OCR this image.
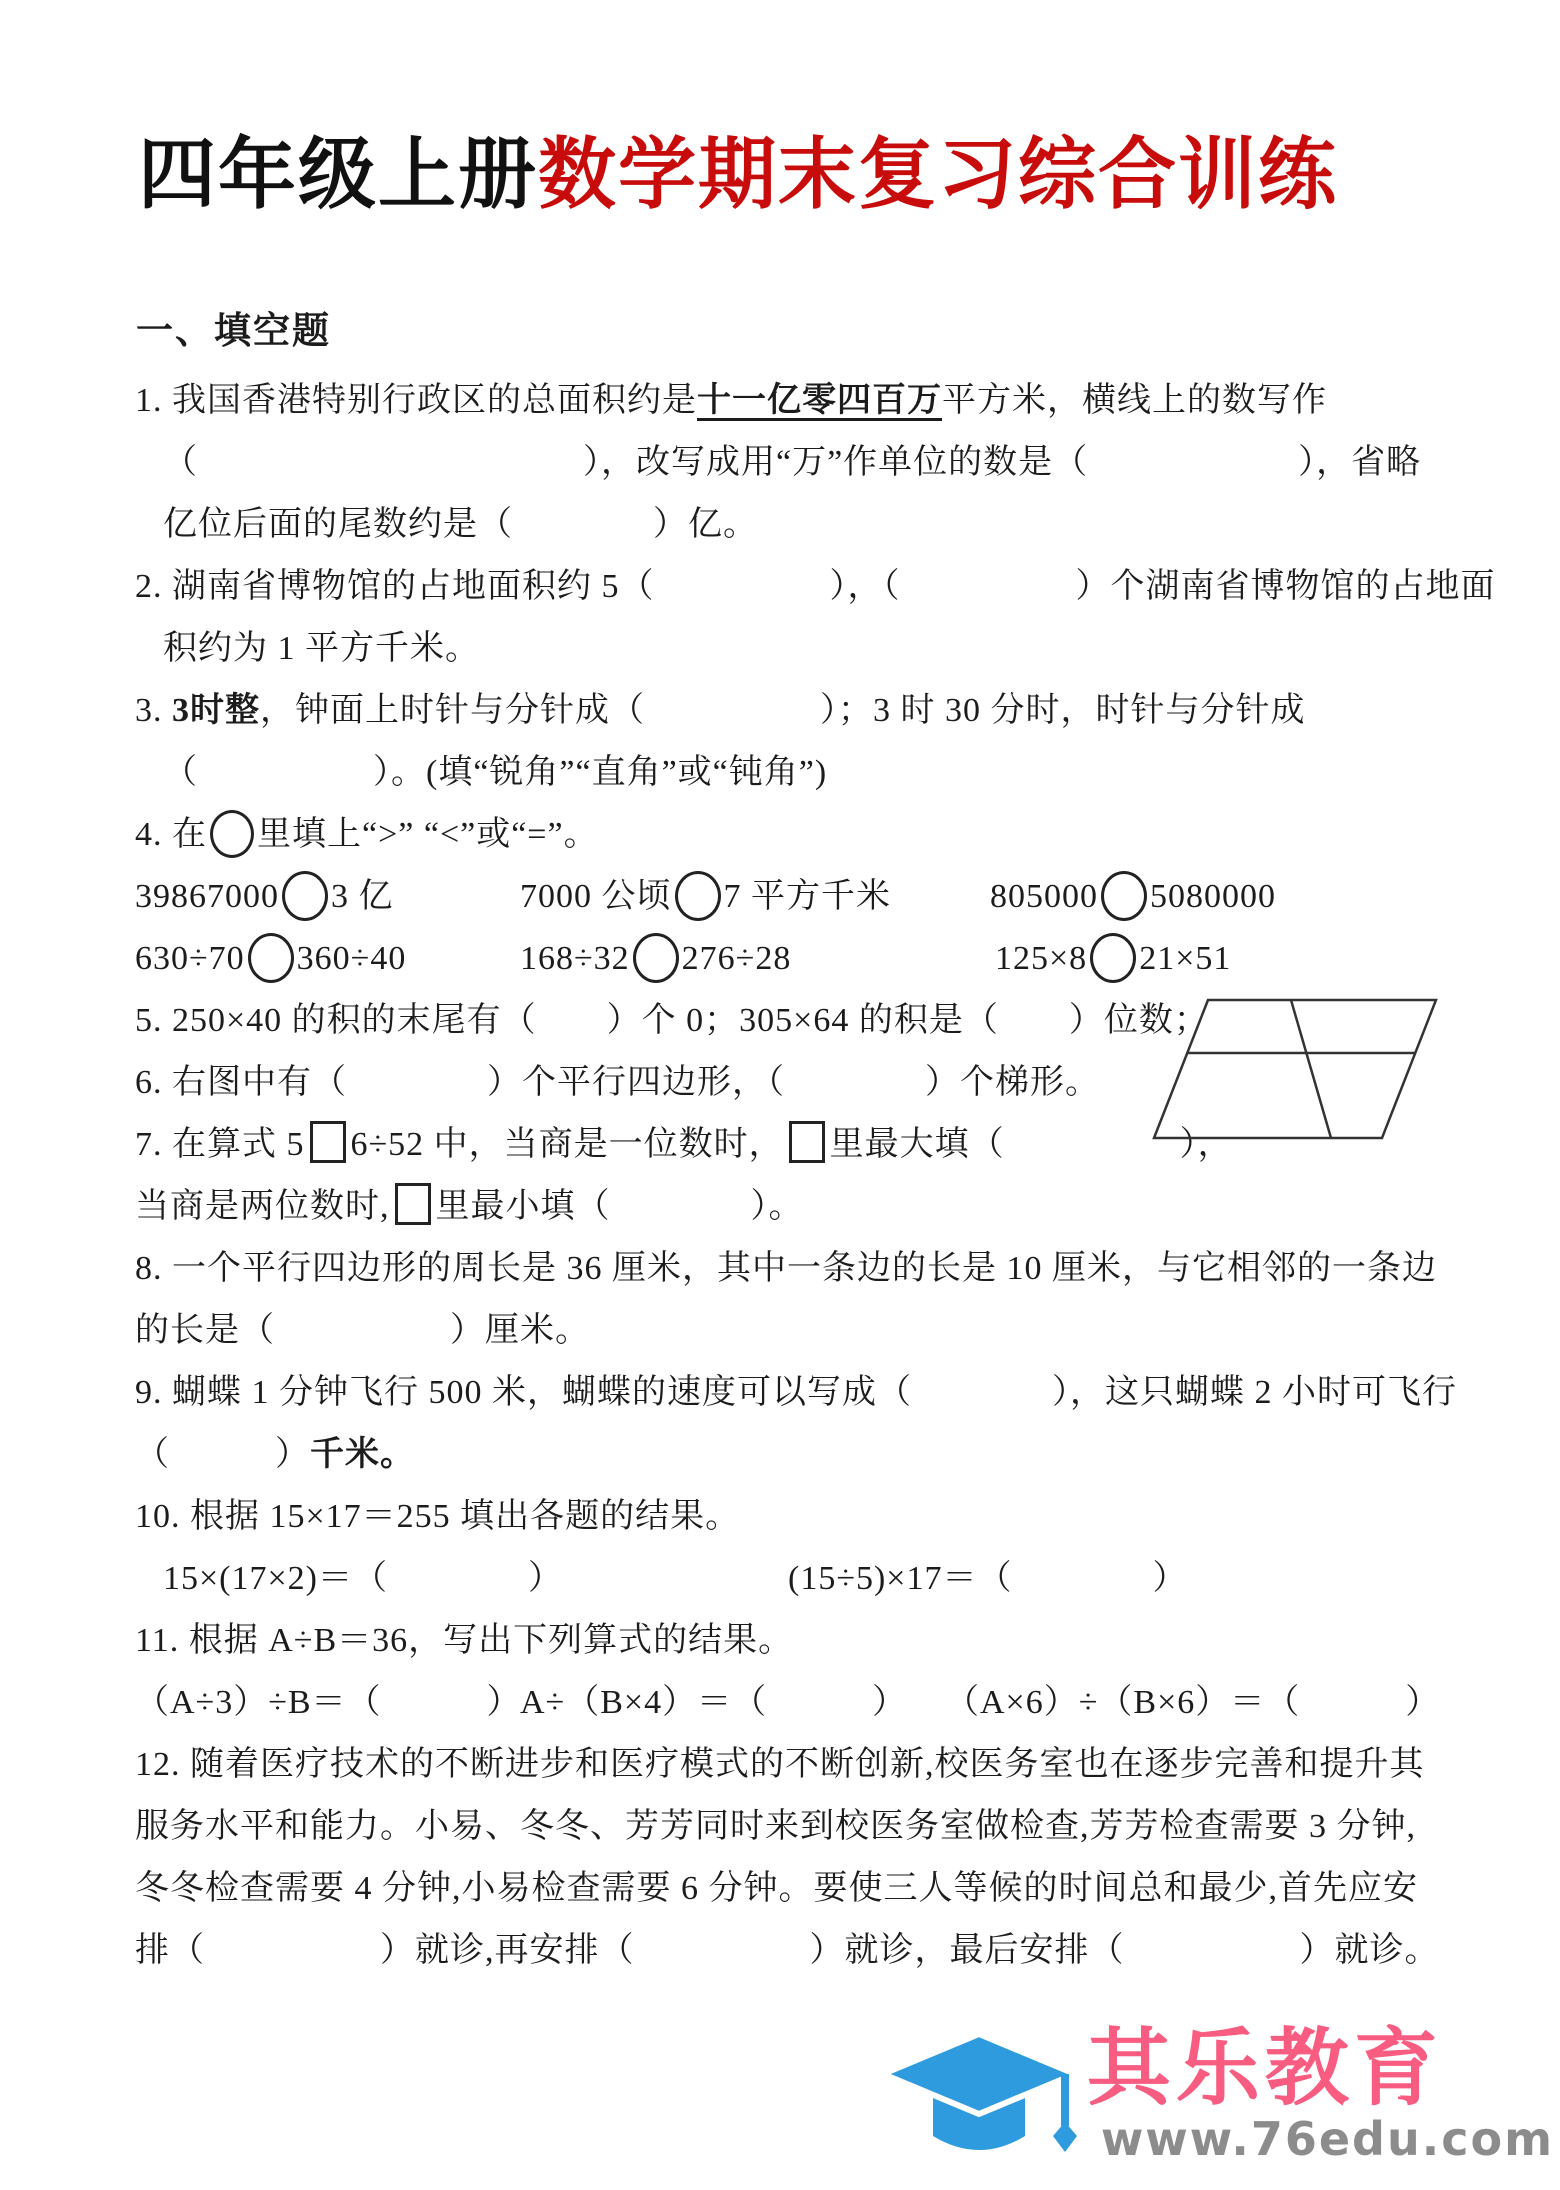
四年级上册数学期末复习综合训练
一、填空题
1. 我国香港特别行政区的总面积约是十一亿零四百万平方米，横线上的数写作
（　　　　　　　　　　　），改写成用“万”作单位的数是（　　　　　　），省略
亿位后面的尾数约是（　　　　）亿。
2. 湖南省博物馆的占地面积约 5（　　　　　），（　　　　　）个湖南省博物馆的占地面
积约为 1 平方千米。
3. 3时整，钟面上时针与分针成（　　　　　）；3 时 30 分时，时针与分针成
（　　　　　）。(填“锐角”“直角”或“钝角”)
4. 在 里填上“>” “<”或“=”。
39867000 3 亿	7000 公顷 7 平方千米	805000 5080000
630÷70 360÷40	168÷32 276÷28	125×8 21×51
5. 250×40 的积的末尾有（　　）个 0；305×64 的积是（　　）位数；
6. 右图中有（　　　　）个平行四边形，（　　　　）个梯形。
7. 在算式 5 6÷52 中，当商是一位数时， 里最大填（　　　　　），
当商是两位数时, 里最小填（　　　　）。
8. 一个平行四边形的周长是 36 厘米，其中一条边的长是 10 厘米，与它相邻的一条边
的长是（　　　　　）厘米。
9. 蝴蝶 1 分钟飞行 500 米，蝴蝶的速度可以写成（　　　　），这只蝴蝶 2 小时可飞行
（　　　）千米。
10. 根据 15×17＝255 填出各题的结果。
15×(17×2)＝（　　　　）	(15÷5)×17＝（　　　　）
11. 根据 A÷B＝36，写出下列算式的结果。
（A÷3）÷B＝（　　　）
A÷（B×4）＝（　　　）	（A×6）÷（B×6）＝（　　　）
12. 随着医疗技术的不断进步和医疗模式的不断创新,校医务室也在逐步完善和提升其
服务水平和能力。小易、冬冬、芳芳同时来到校医务室做检查,芳芳检查需要 3 分钟,
冬冬检查需要 4 分钟,小易检查需要 6 分钟。要使三人等候的时间总和最少,首先应安
排（　　　　　）就诊,再安排（　　　　　）就诊，最后安排（　　　　　）就诊。
其乐教育
www.76edu.com
